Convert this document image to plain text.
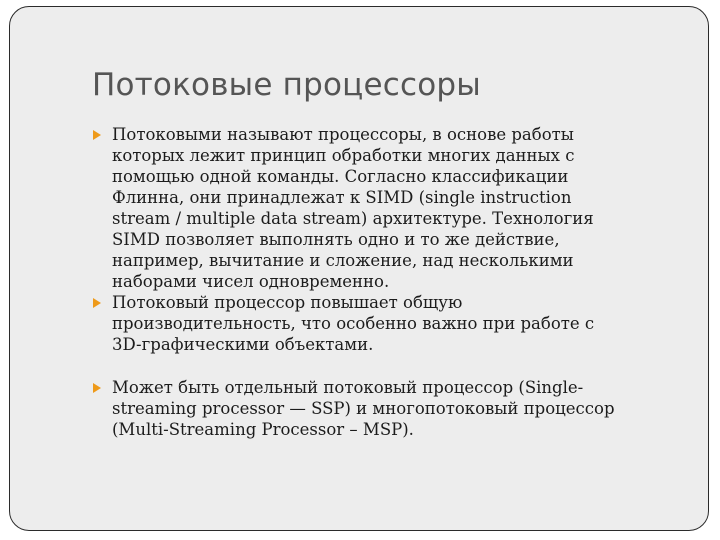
Потоковые процессоры
Потоковыми называют процессоры, в основе работы
которых лежит принцип обработки многих данных с
помощью одной команды. Согласно классификации
Флинна, они принадлежат к SIMD (single instruction
stream / multiple data stream) архитектуре. Технология
SIMD позволяет выполнять одно и то же действие,
например, вычитание и сложение, над несколькими
наборами чисел одновременно.
Потоковый процессор повышает общую
производительность, что особенно важно при работе с
3D-графическими объектами.
Может быть отдельный потоковый процессор (Single-
streaming processor — SSP) и многопотоковый процессор
(Multi-Streaming Processor – MSP).
